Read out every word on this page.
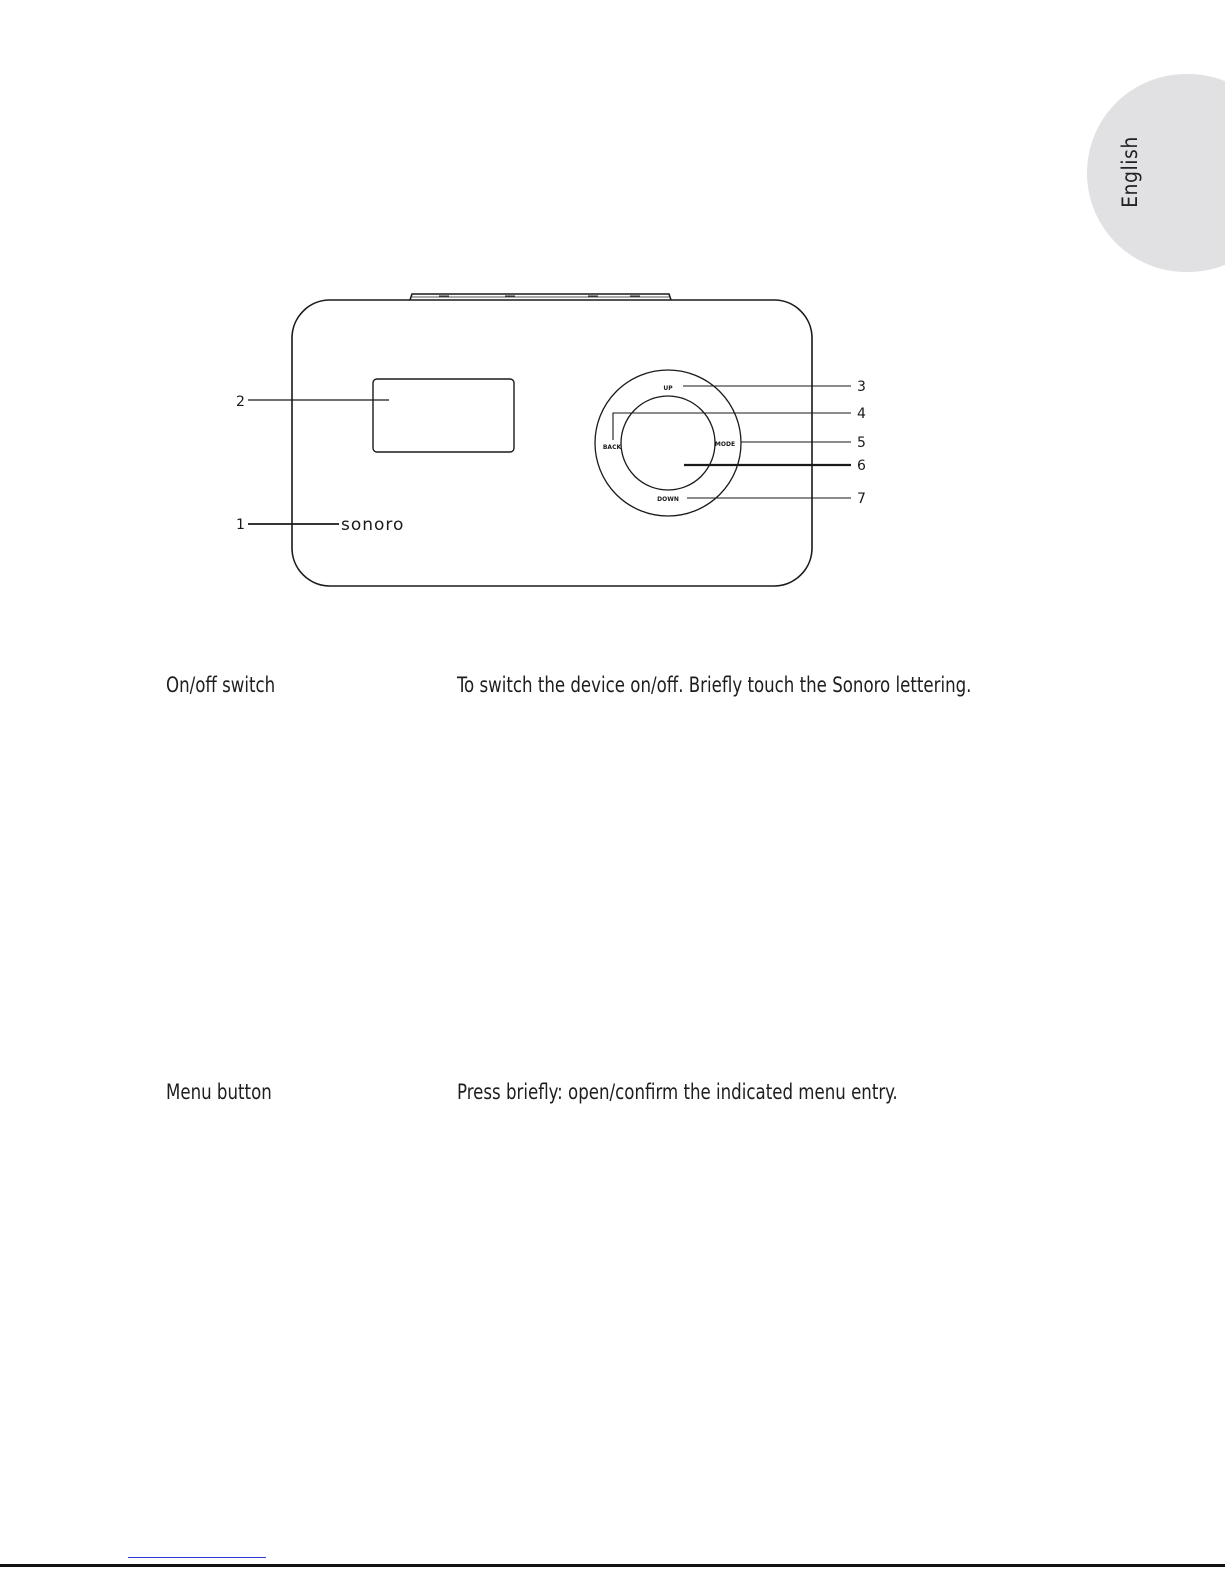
English
UP
BACK	MODE
DOWN
sonoro
1
2
3
4
5
6
7
On/off switch	To switch the device on/off. Briefly touch the Sonoro lettering.
Menu button	Press briefly: open/confirm the indicated menu entry.
